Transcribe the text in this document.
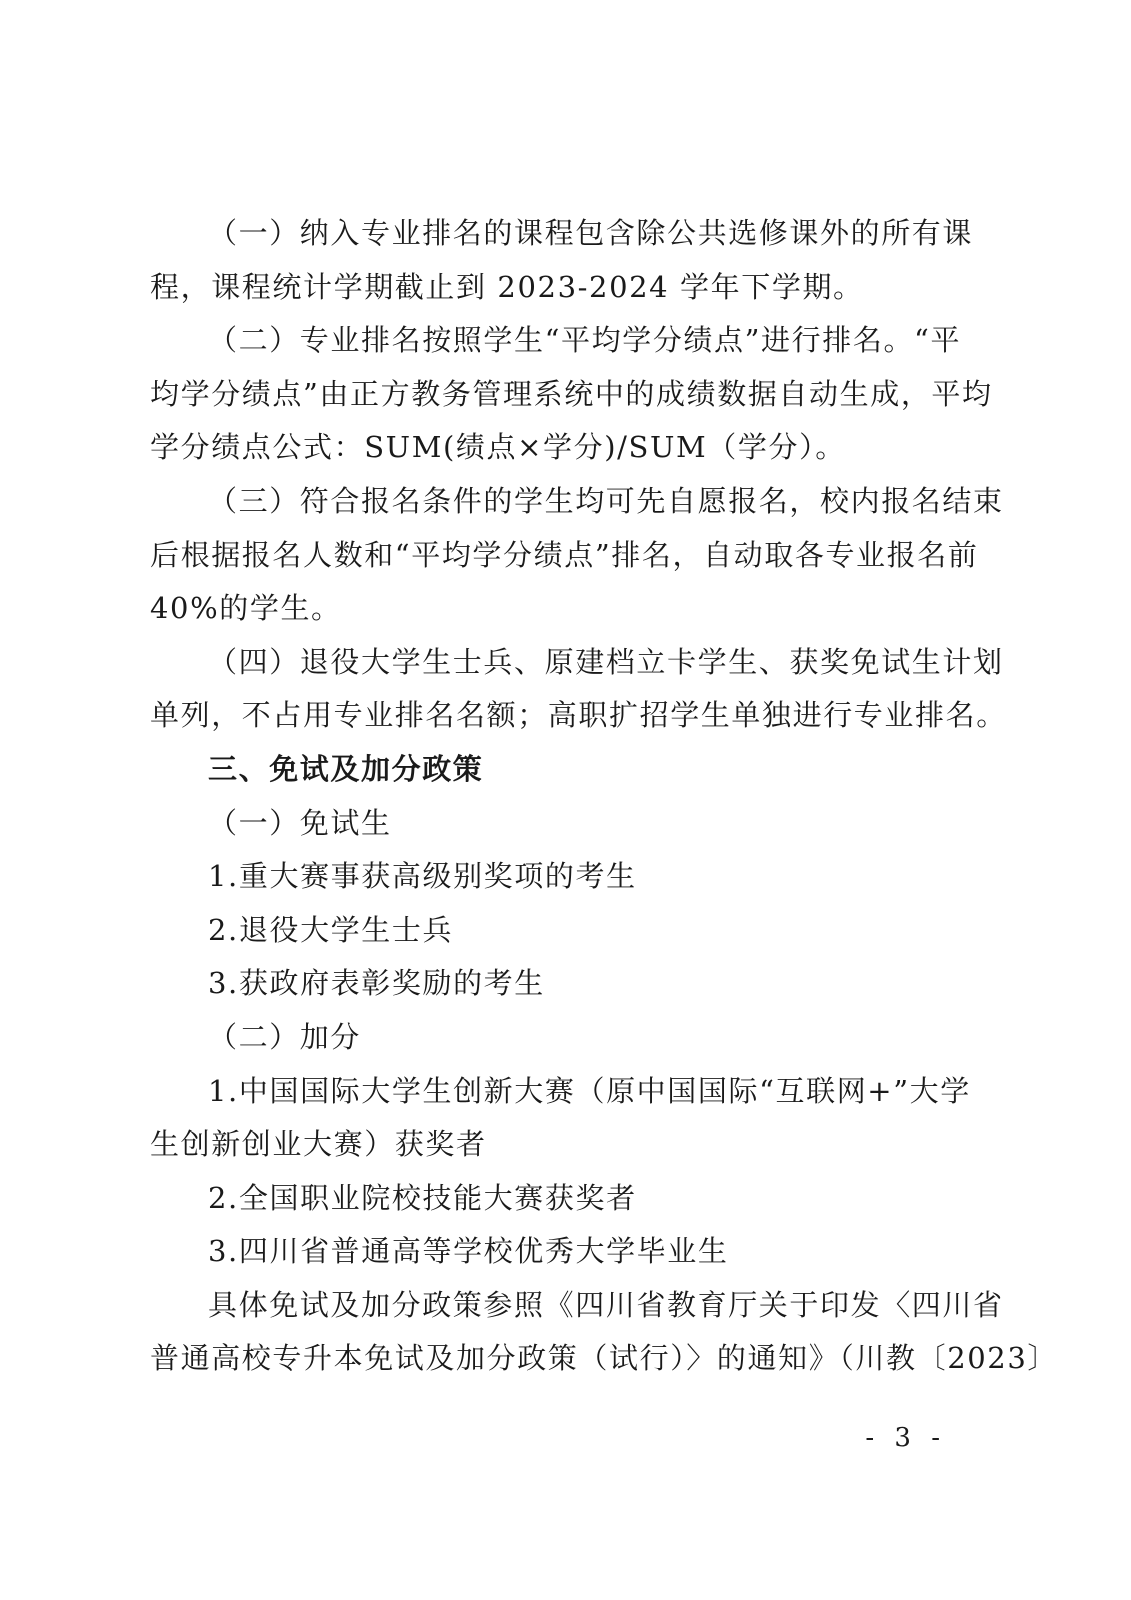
（一）纳入专业排名的课程包含除公共选修课外的所有课

程，课程统计学期截止到 2023-2024 学年下学期。

（二）专业排名按照学生“平均学分绩点”进行排名。“平

均学分绩点”由正方教务管理系统中的成绩数据自动生成，平均
学分绩点公式：SUM(绩点×学分)/SUM（学分）。

（三）符合报名条件的学生均可先自愿报名，校内报名结束

后根据报名人数和“平均学分绩点”排名，自动取各专业报名前
40%的学生。

（四）退役大学生士兵、原建档立卡学生、获奖免试生计划

单列，不占用专业排名名额；高职扩招学生单独进行专业排名。

三、免试及加分政策

（一）免试生

1.重大赛事获高级别奖项的考生

2.退役大学生士兵

3.获政府表彰奖励的考生

（二）加分

1.中国国际大学生创新大赛（原中国国际“互联网+”大学

生创新创业大赛）获奖者

2.全国职业院校技能大赛获奖者

3.四川省普通高等学校优秀大学毕业生

具体免试及加分政策参照《四川省教育厅关于印发〈四川省

普通高校专升本免试及加分政策（试行）〉的通知》（川教〔2023〕

- 3 -
